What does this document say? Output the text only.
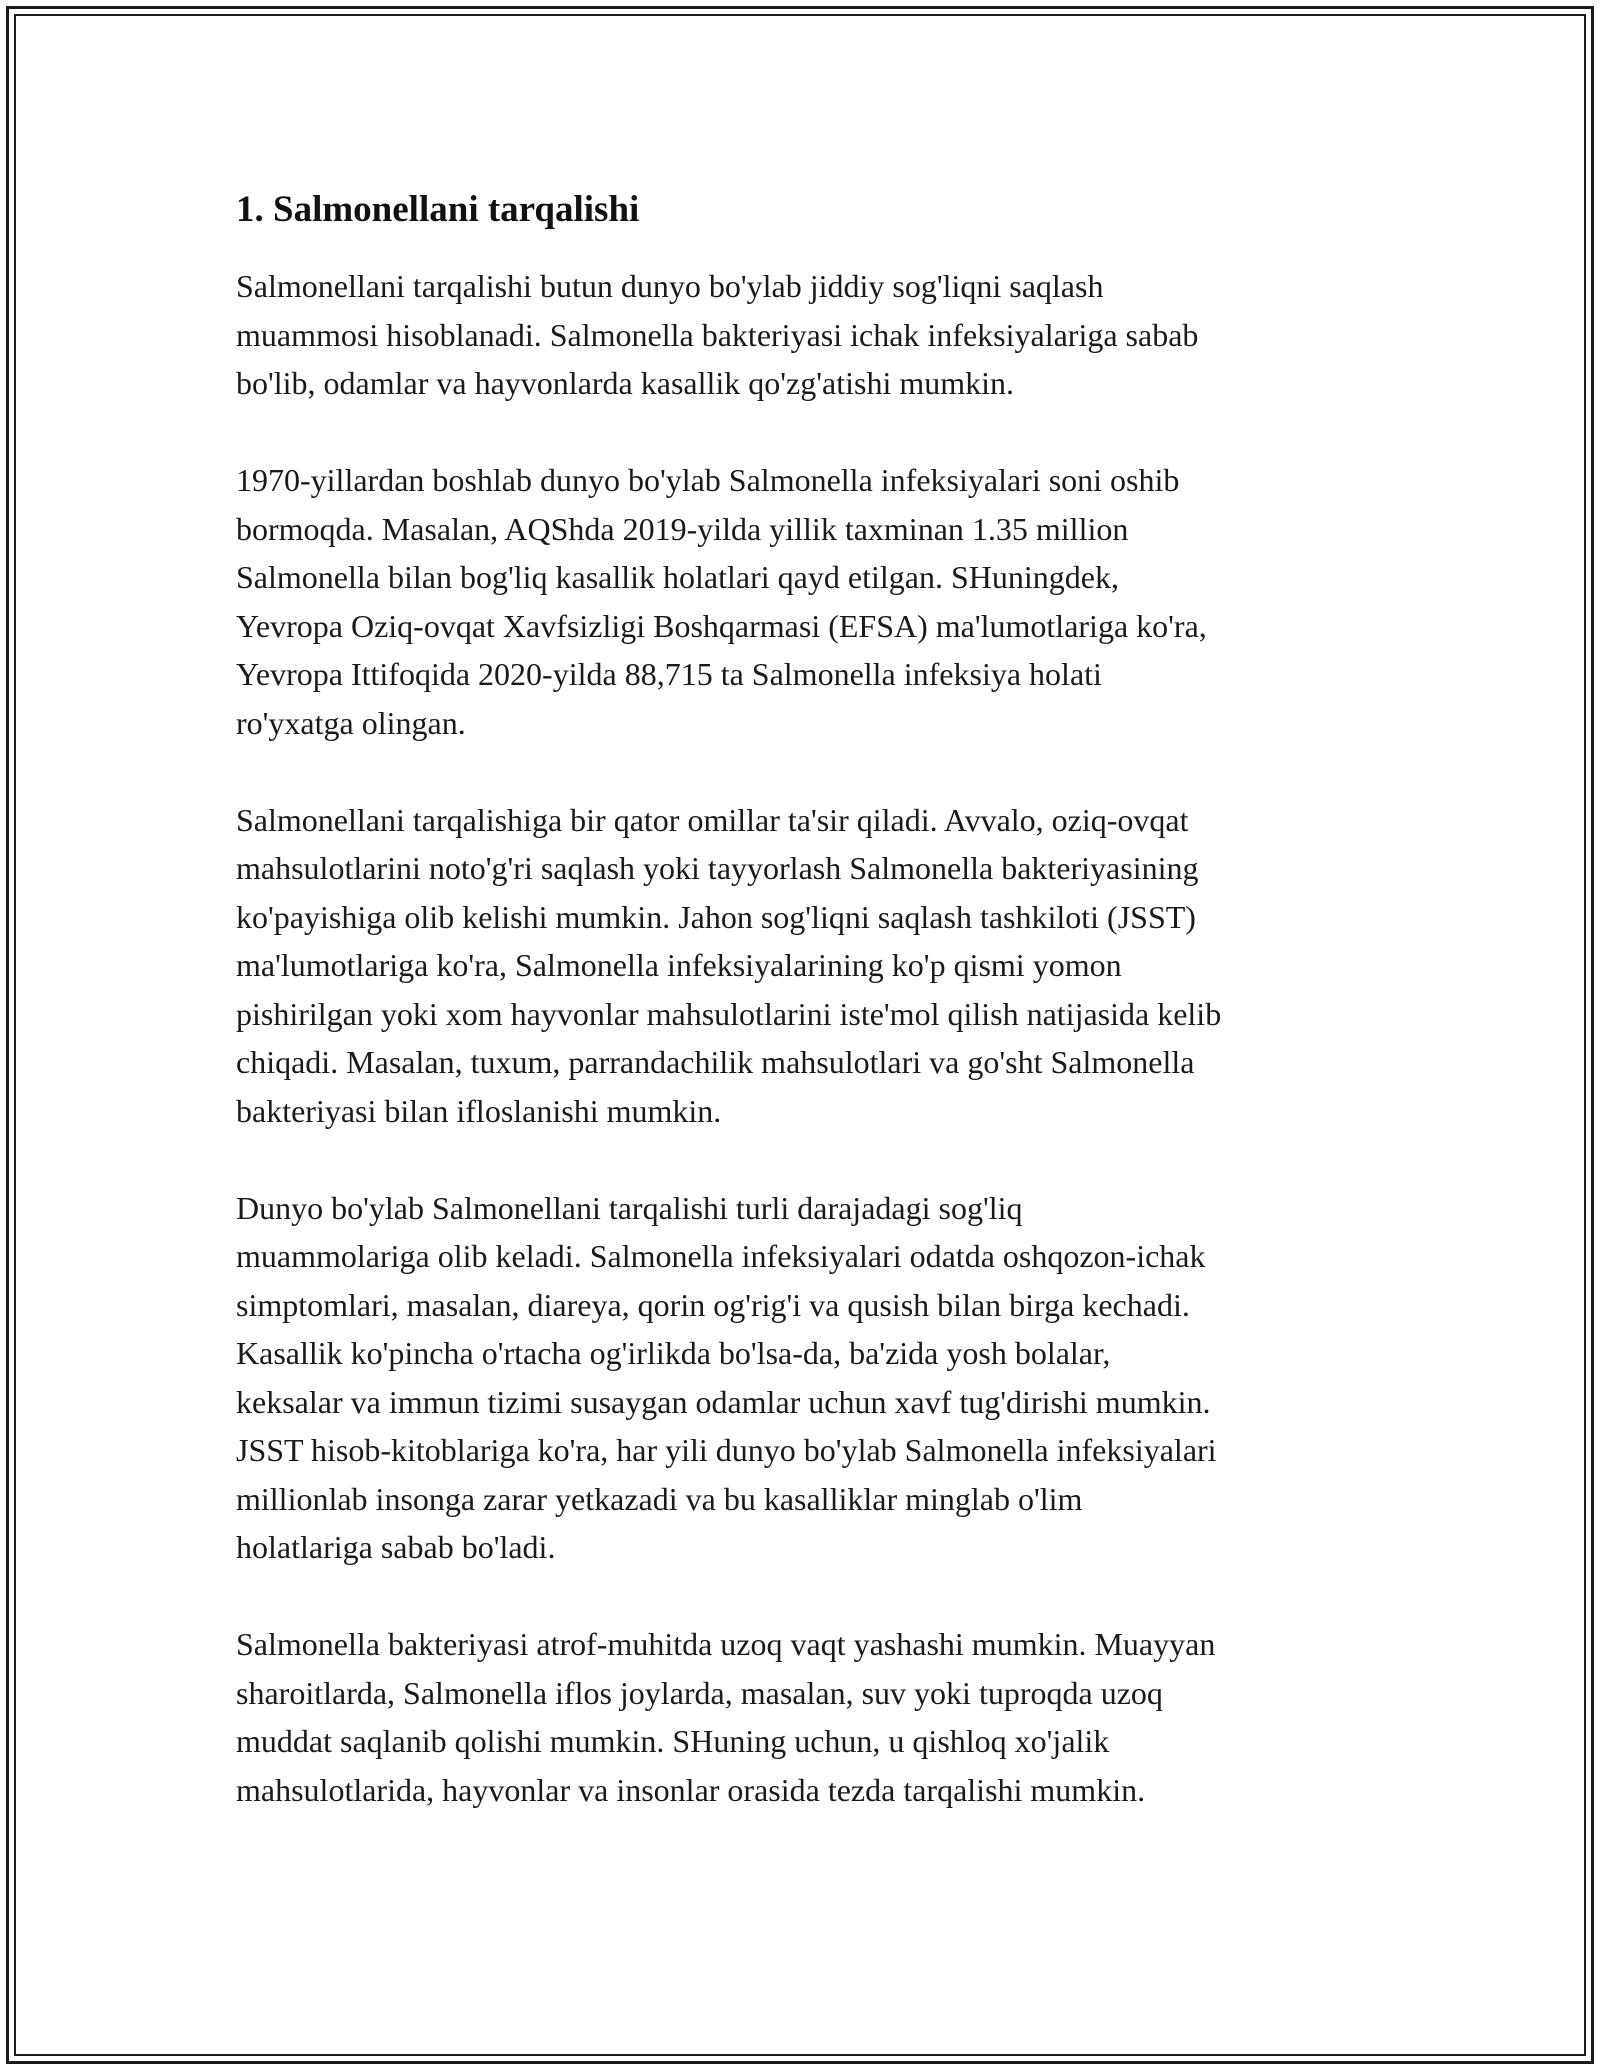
1. Salmonellani tarqalishi

Salmonellani tarqalishi butun dunyo bo'ylab jiddiy sog'liqni saqlash
muammosi hisoblanadi. Salmonella bakteriyasi ichak infeksiyalariga sabab
bo'lib, odamlar va hayvonlarda kasallik qo'zg'atishi mumkin.

1970-yillardan boshlab dunyo bo'ylab Salmonella infeksiyalari soni oshib
bormoqda. Masalan, AQShda 2019-yilda yillik taxminan 1.35 million
Salmonella bilan bog'liq kasallik holatlari qayd etilgan. SHuningdek,
Yevropa Oziq-ovqat Xavfsizligi Boshqarmasi (EFSA) ma'lumotlariga ko'ra,
Yevropa Ittifoqida 2020-yilda 88,715 ta Salmonella infeksiya holati
ro'yxatga olingan.

Salmonellani tarqalishiga bir qator omillar ta'sir qiladi. Avvalo, oziq-ovqat
mahsulotlarini noto'g'ri saqlash yoki tayyorlash Salmonella bakteriyasining
ko'payishiga olib kelishi mumkin. Jahon sog'liqni saqlash tashkiloti (JSST)
ma'lumotlariga ko'ra, Salmonella infeksiyalarining ko'p qismi yomon
pishirilgan yoki xom hayvonlar mahsulotlarini iste'mol qilish natijasida kelib
chiqadi. Masalan, tuxum, parrandachilik mahsulotlari va go'sht Salmonella
bakteriyasi bilan ifloslanishi mumkin.

Dunyo bo'ylab Salmonellani tarqalishi turli darajadagi sog'liq
muammolariga olib keladi. Salmonella infeksiyalari odatda oshqozon-ichak
simptomlari, masalan, diareya, qorin og'rig'i va qusish bilan birga kechadi.
Kasallik ko'pincha o'rtacha og'irlikda bo'lsa-da, ba'zida yosh bolalar,
keksalar va immun tizimi susaygan odamlar uchun xavf tug'dirishi mumkin.
JSST hisob-kitoblariga ko'ra, har yili dunyo bo'ylab Salmonella infeksiyalari
millionlab insonga zarar yetkazadi va bu kasalliklar minglab o'lim
holatlariga sabab bo'ladi.

Salmonella bakteriyasi atrof-muhitda uzoq vaqt yashashi mumkin. Muayyan
sharoitlarda, Salmonella iflos joylarda, masalan, suv yoki tuproqda uzoq
muddat saqlanib qolishi mumkin. SHuning uchun, u qishloq xo'jalik
mahsulotlarida, hayvonlar va insonlar orasida tezda tarqalishi mumkin.
